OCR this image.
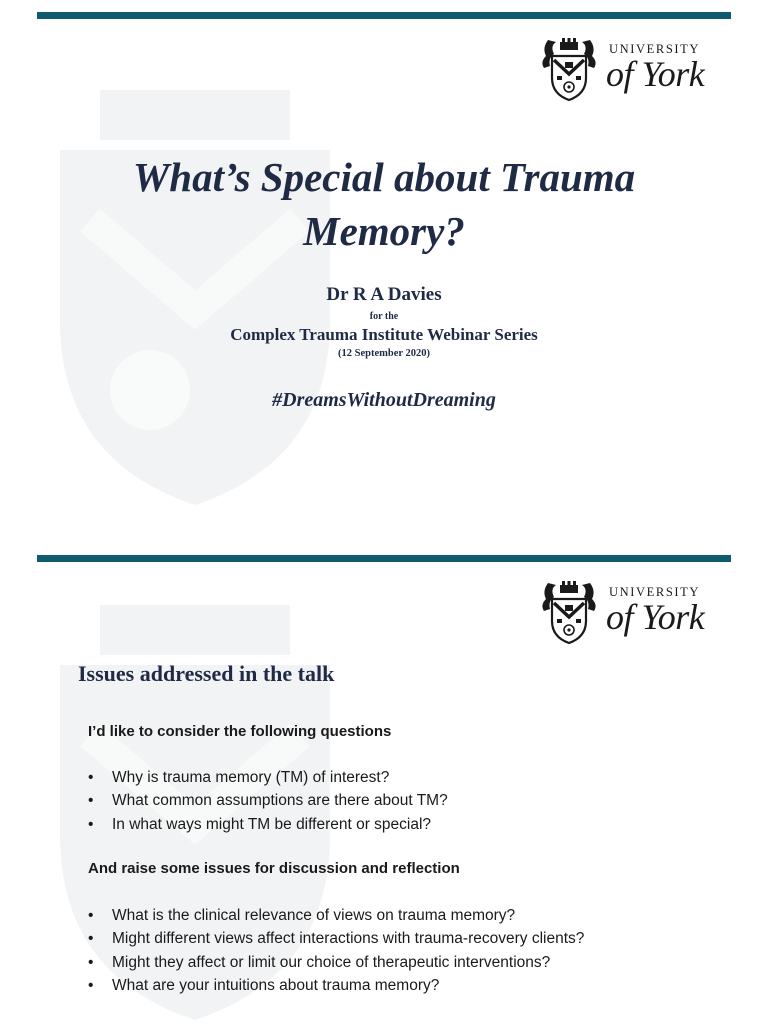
UNIVERSITY
of York
What’s Special about Trauma
Memory?
Dr R A Davies
for the
Complex Trauma Institute Webinar Series
(12 September 2020)
#DreamsWithoutDreaming
UNIVERSITY
of York
Issues addressed in the talk
I’d like to consider the following questions
• Why is trauma memory (TM) of interest?
• What common assumptions are there about TM?
• In what ways might TM be different or special?
And raise some issues for discussion and reflection
• What is the clinical relevance of views on trauma memory?
• Might different views affect interactions with trauma-recovery clients?
• Might they affect or limit our choice of therapeutic interventions?
• What are your intuitions about trauma memory?
